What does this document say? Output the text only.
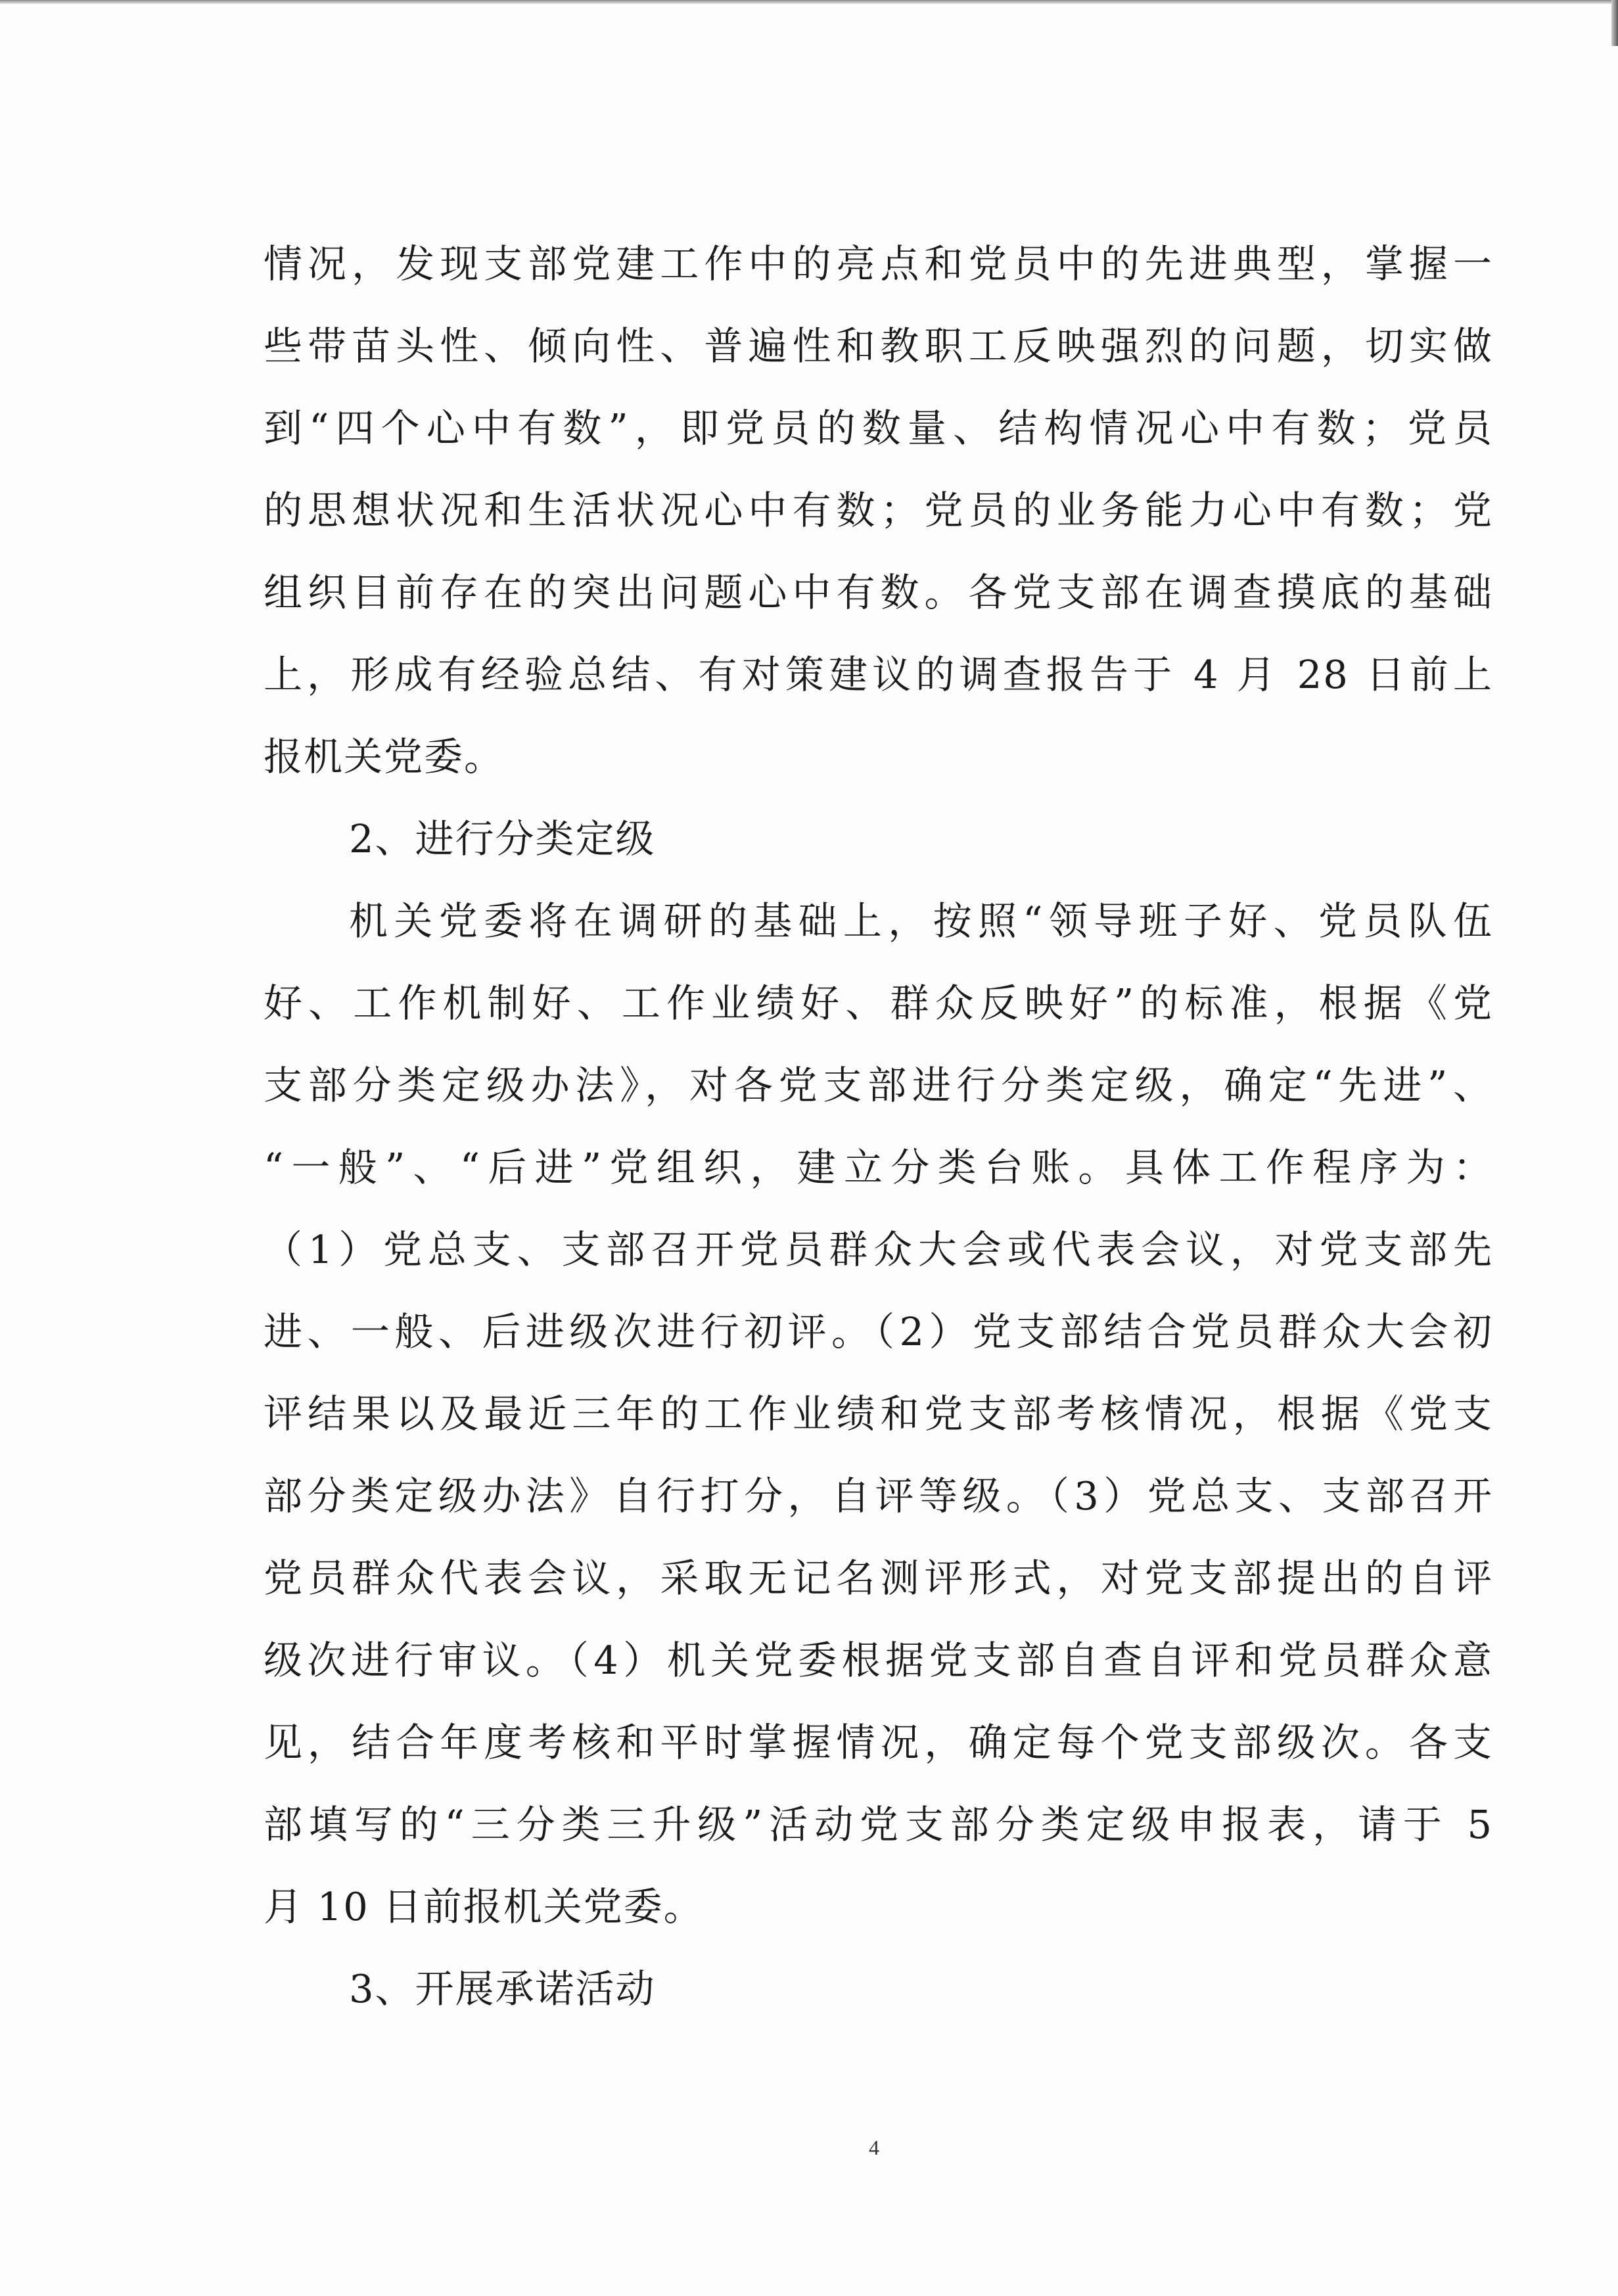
情况，发现支部党建工作中的亮点和党员中的先进典型，掌握一
些带苗头性、倾向性、普遍性和教职工反映强烈的问题，切实做
到“四个心中有数”，即党员的数量、结构情况心中有数；党员
的思想状况和生活状况心中有数；党员的业务能力心中有数；党
组织目前存在的突出问题心中有数。各党支部在调查摸底的基础
上，形成有经验总结、有对策建议的调查报告于 4 月 28 日前上
报机关党委。
2、进行分类定级
机关党委将在调研的基础上，按照“领导班子好、党员队伍
好、工作机制好、工作业绩好、群众反映好”的标准，根据《党
支部分类定级办法》，对各党支部进行分类定级，确定“先进”、
“一般”、“后进”党组织，建立分类台账。具体工作程序为：
（1）党总支、支部召开党员群众大会或代表会议，对党支部先
进、一般、后进级次进行初评。（2）党支部结合党员群众大会初
评结果以及最近三年的工作业绩和党支部考核情况，根据《党支
部分类定级办法》自行打分，自评等级。（3）党总支、支部召开
党员群众代表会议，采取无记名测评形式，对党支部提出的自评
级次进行审议。（4）机关党委根据党支部自查自评和党员群众意
见，结合年度考核和平时掌握情况，确定每个党支部级次。各支
部填写的“三分类三升级”活动党支部分类定级申报表，请于 5
月 10 日前报机关党委。
3、开展承诺活动
4
